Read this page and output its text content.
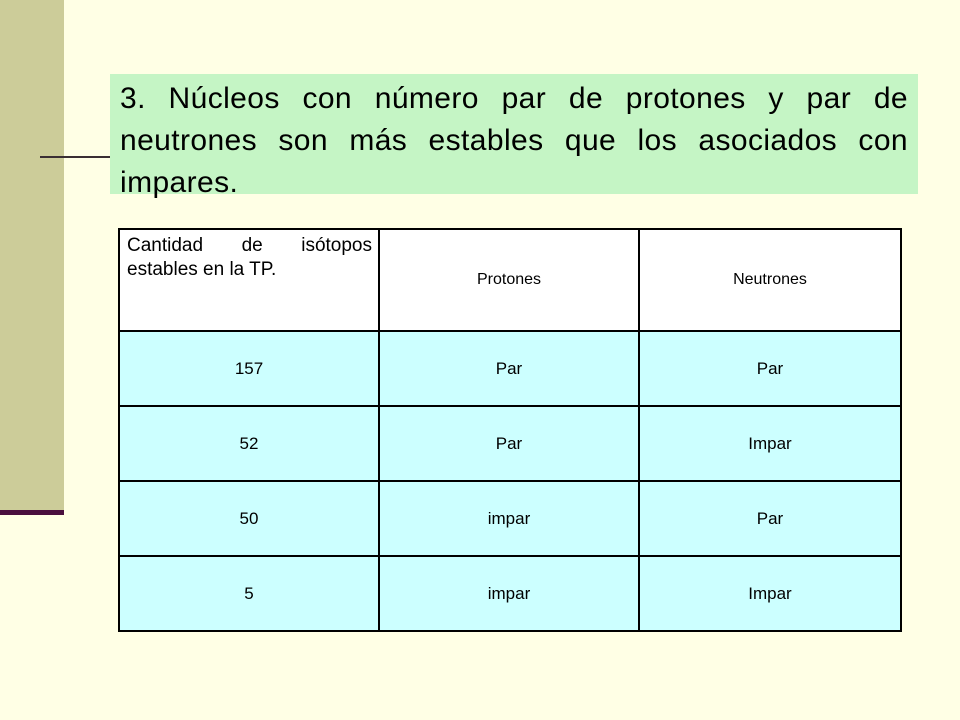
3. Núcleos con número par de protones y par de neutrones son más estables que los asociados con impares.

Cantidad de isótopos estables en la TP.	Protones	Neutrones
157	Par	Par
52	Par	Impar
50	impar	Par
5	impar	Impar
